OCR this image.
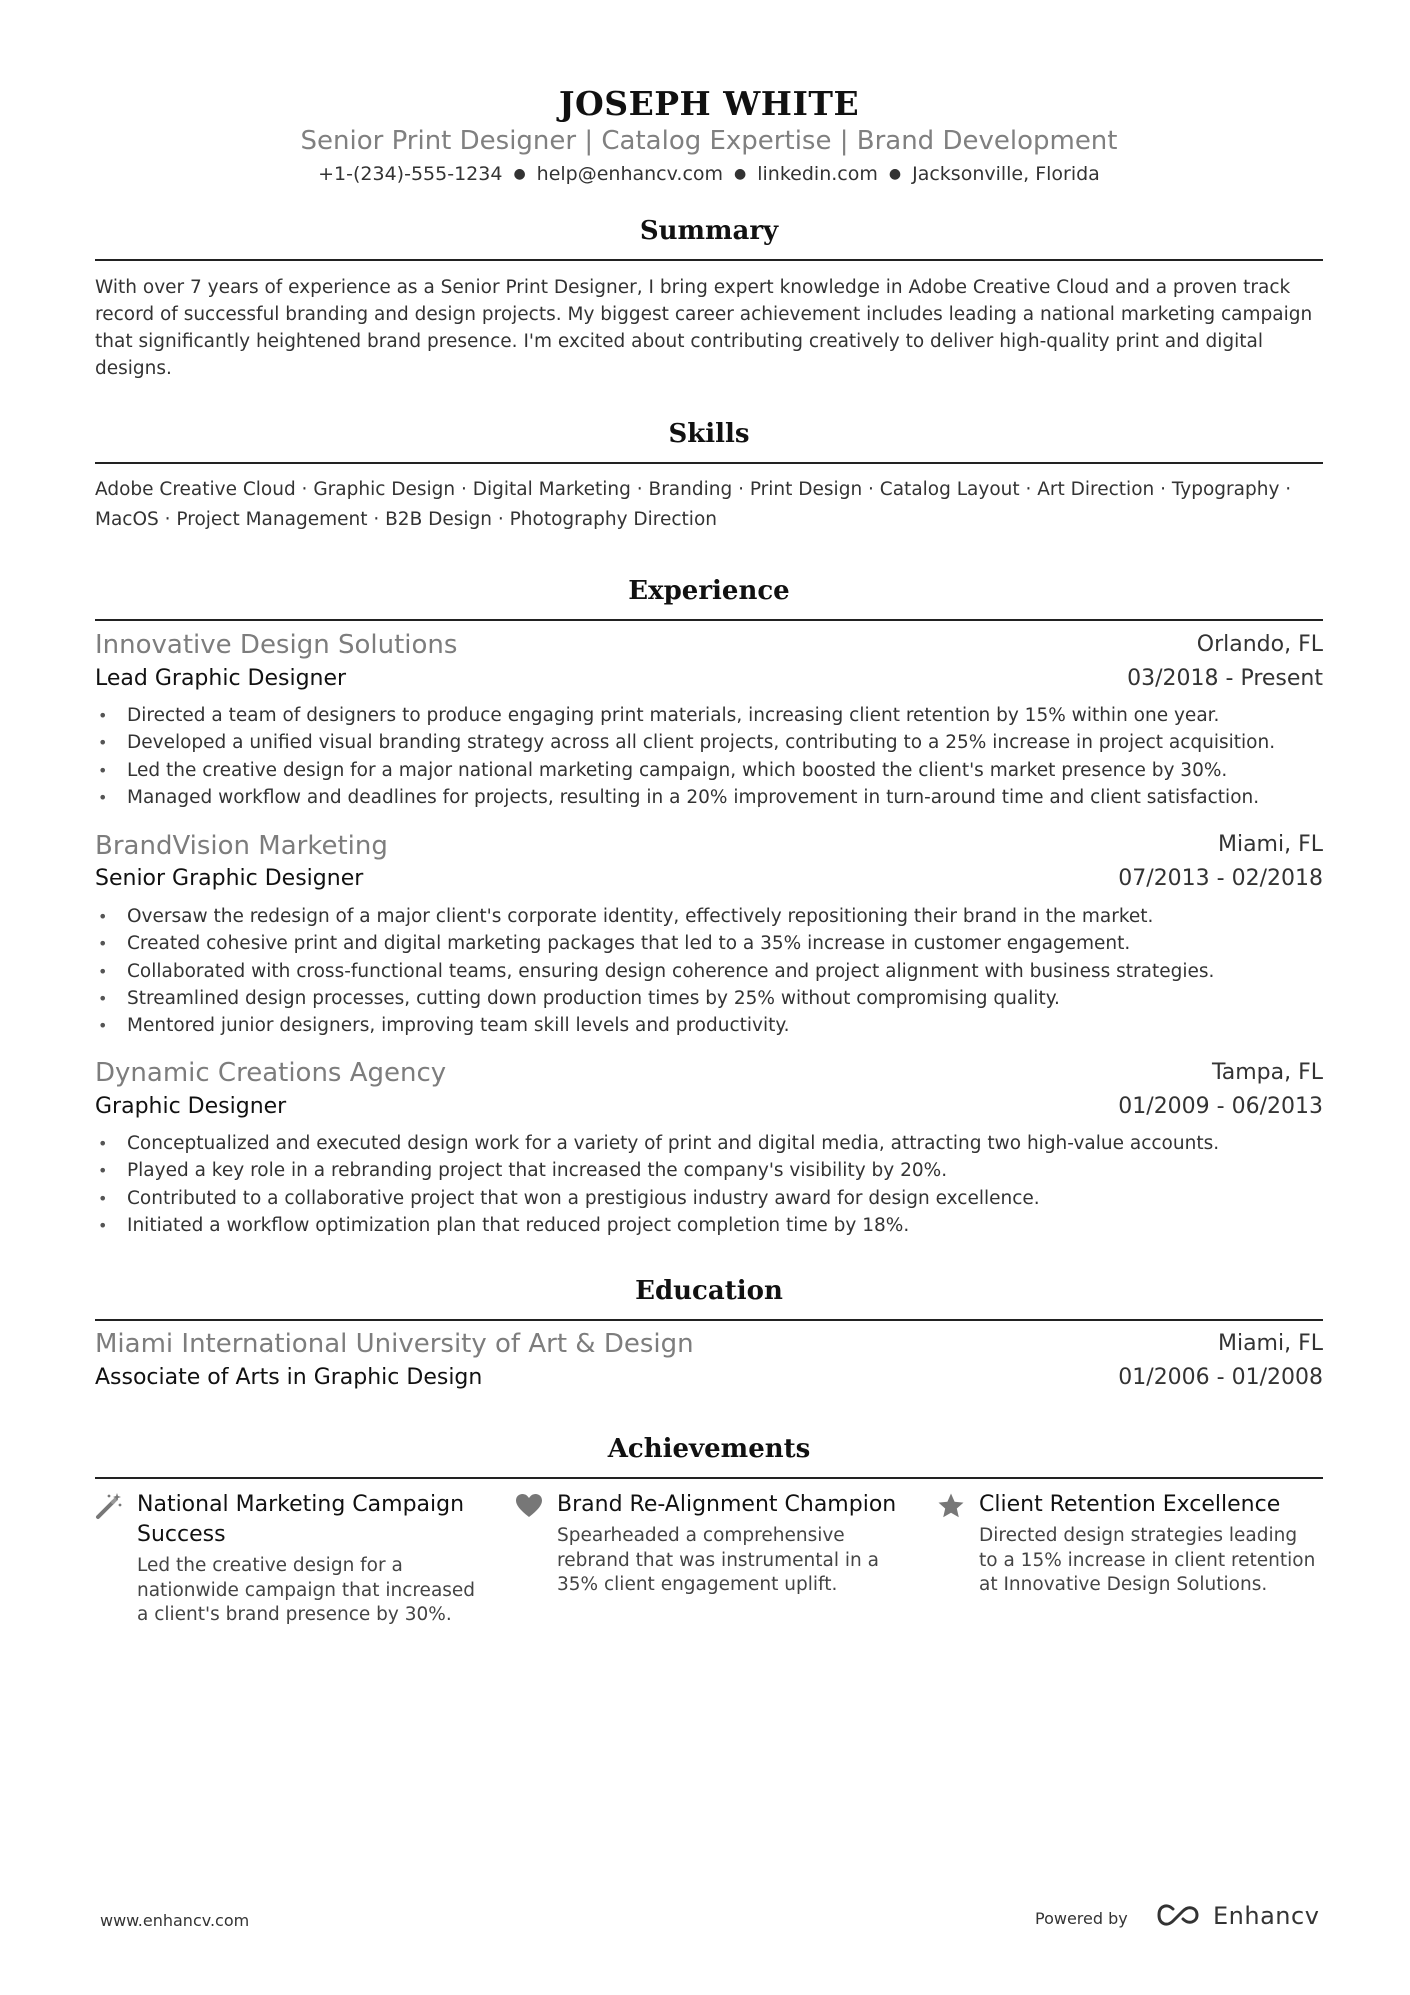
JOSEPH WHITE
Senior Print Designer | Catalog Expertise | Brand Development
+1-(234)-555-1234 ● help@enhancv.com ● linkedin.com ● Jacksonville, Florida
Summary
With over 7 years of experience as a Senior Print Designer, I bring expert knowledge in Adobe Creative Cloud and a proven track record of successful branding and design projects. My biggest career achievement includes leading a national marketing campaign that significantly heightened brand presence. I'm excited about contributing creatively to deliver high-quality print and digital designs.
Skills
Adobe Creative Cloud · Graphic Design · Digital Marketing · Branding · Print Design · Catalog Layout · Art Direction · Typography ·
MacOS · Project Management · B2B Design · Photography Direction
Experience
Innovative Design Solutions	Orlando, FL
Lead Graphic Designer	03/2018 - Present
• Directed a team of designers to produce engaging print materials, increasing client retention by 15% within one year.
• Developed a unified visual branding strategy across all client projects, contributing to a 25% increase in project acquisition.
• Led the creative design for a major national marketing campaign, which boosted the client's market presence by 30%.
• Managed workflow and deadlines for projects, resulting in a 20% improvement in turn-around time and client satisfaction.
BrandVision Marketing	Miami, FL
Senior Graphic Designer	07/2013 - 02/2018
• Oversaw the redesign of a major client's corporate identity, effectively repositioning their brand in the market.
• Created cohesive print and digital marketing packages that led to a 35% increase in customer engagement.
• Collaborated with cross-functional teams, ensuring design coherence and project alignment with business strategies.
• Streamlined design processes, cutting down production times by 25% without compromising quality.
• Mentored junior designers, improving team skill levels and productivity.
Dynamic Creations Agency	Tampa, FL
Graphic Designer	01/2009 - 06/2013
• Conceptualized and executed design work for a variety of print and digital media, attracting two high-value accounts.
• Played a key role in a rebranding project that increased the company's visibility by 20%.
• Contributed to a collaborative project that won a prestigious industry award for design excellence.
• Initiated a workflow optimization plan that reduced project completion time by 18%.
Education
Miami International University of Art & Design	Miami, FL
Associate of Arts in Graphic Design	01/2006 - 01/2008
Achievements
National Marketing Campaign
Success
Led the creative design for a
nationwide campaign that increased
a client's brand presence by 30%.
Brand Re-Alignment Champion
Spearheaded a comprehensive
rebrand that was instrumental in a
35% client engagement uplift.
Client Retention Excellence
Directed design strategies leading
to a 15% increase in client retention
at Innovative Design Solutions.
www.enhancv.com	Powered by	Enhancv
